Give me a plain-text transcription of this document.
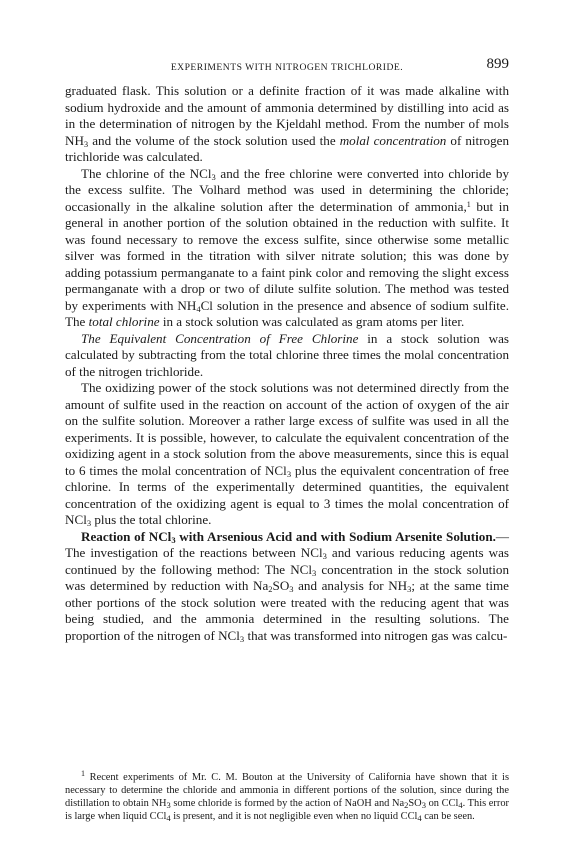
EXPERIMENTS WITH NITROGEN TRICHLORIDE.	899

graduated flask. This solution or a definite fraction of it was made alkaline with sodium hydroxide and the amount of ammonia determined by distilling into acid as in the determination of nitrogen by the Kjeldahl method. From the number of mols $NH_3$ and the volume of the stock solution used the molal concentration of nitrogen trichloride was calculated.

The chlorine of the NCl$_3$ and the free chlorine were converted into chloride by the excess sulfite. The Volhard method was used in determining the chloride; occasionally in the alkaline solution after the determination of ammonia,$^1$ but in general in another portion of the solution obtained in the reduction with sulfite. It was found necessary to remove the excess sulfite, since otherwise some metallic silver was formed in the titration with silver nitrate solution; this was done by adding potassium permanganate to a faint pink color and removing the slight excess permanganate with a drop or two of dilute sulfite solution. The method was tested by experiments with $NH_4Cl$ solution in the presence and absence of sodium sulfite. The total chlorine in a stock solution was calculated as gram atoms per liter.

The Equivalent Concentration of Free Chlorine in a stock solution was calculated by subtracting from the total chlorine three times the molal concentration of the nitrogen trichloride.

The oxidizing power of the stock solutions was not determined directly from the amount of sulfite used in the reaction on account of the action of oxygen of the air on the sulfite solution. Moreover a rather large excess of sulfite was used in all the experiments. It is possible, however, to calculate the equivalent concentration of the oxidizing agent in a stock solution from the above measurements, since this is equal to 6 times the molal concentration of NCl$_3$ plus the equivalent concentration of free chlorine. In terms of the experimentally determined quantities, the equivalent concentration of the oxidizing agent is equal to 3 times the molal concentration of NCl$_3$ plus the total chlorine.

Reaction of NCl$_3$ with Arsenious Acid and with Sodium Arsenite Solution.—The investigation of the reactions between NCl$_3$ and various reducing agents was continued by the following method: The NCl$_3$ concentration in the stock solution was determined by reduction with $Na_2SO_3$ and analysis for $NH_3$; at the same time other portions of the stock solution were treated with the reducing agent that was being studied, and the ammonia determined in the resulting solutions. The proportion of the nitrogen of NCl$_3$ that was transformed into nitrogen gas was calcu-

$^1$ Recent experiments of Mr. C. M. Bouton at the University of California have shown that it is necessary to determine the chloride and ammonia in different portions of the solution, since during the distillation to obtain $NH_3$ some chloride is formed by the action of NaOH and $Na_2SO_3$ on CCl$_4$. This error is large when liquid CCl$_4$ is present, and it is not negligible even when no liquid CCl$_4$ can be seen.
